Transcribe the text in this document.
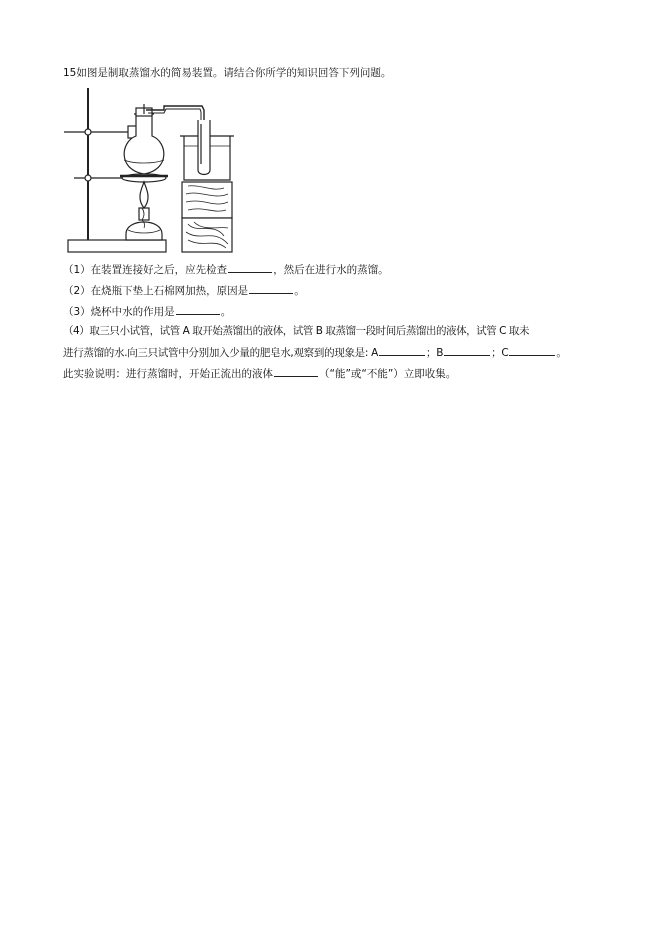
15如图是制取蒸馏水的简易装置。请结合你所学的知识回答下列问题。
（1）在装置连接好之后，应先检查	，然后在进行水的蒸馏。
（2）在烧瓶下垫上石棉网加热，原因是	。
（3）烧杯中水的作用是	。
（4）取三只小试管，试管 A 取开始蒸馏出的液体，试管 B 取蒸馏一段时间后蒸馏出的液体，试管 C 取未
进行蒸馏的水.向三只试管中分别加入少量的肥皂水,观察到的现象是: A	；B	；C	。
此实验说明：进行蒸馏时，开始正流出的液体	（“能”或“不能”）立即收集。
